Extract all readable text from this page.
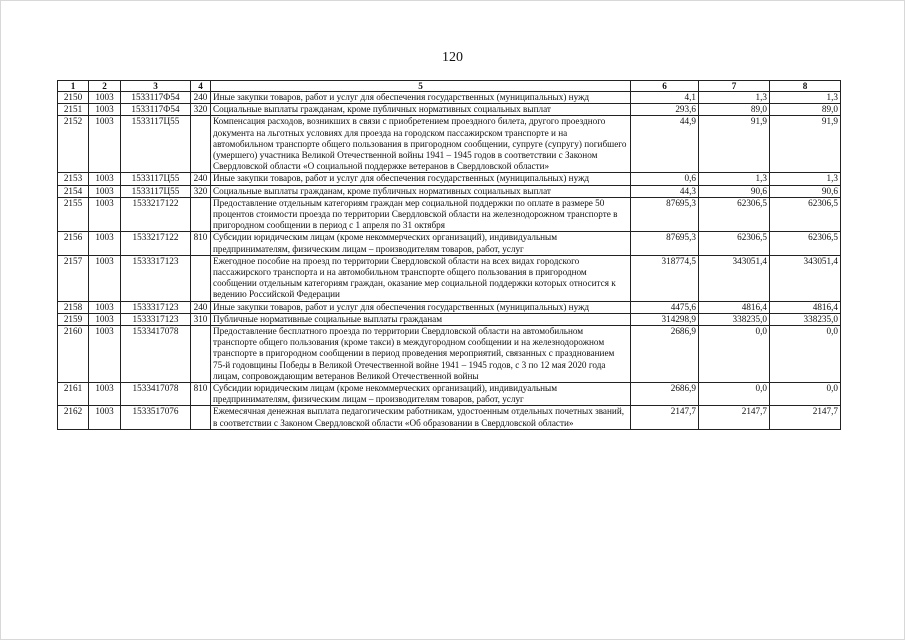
120
1	2	3	4	5	6	7	8
2150	1003	1533117Ф54	240	Иные закупки товаров, работ и услуг для обеспечения государственных (муниципальных) нужд	4,1	1,3	1,3
2151	1003	1533117Ф54	320	Социальные выплаты гражданам, кроме публичных нормативных социальных выплат	293,6	89,0	89,0
2152	1003	1533117Ц55		Компенсация расходов, возникших в связи с приобретением проездного билета, другого проездного документа на льготных условиях для проезда на городском пассажирском транспорте и на автомобильном транспорте общего пользования в пригородном сообщении, супруге (супругу) погибшего (умершего) участника Великой Отечественной войны 1941 – 1945 годов в соответствии с Законом Свердловской области «О социальной поддержке ветеранов в Свердловской области»	44,9	91,9	91,9
2153	1003	1533117Ц55	240	Иные закупки товаров, работ и услуг для обеспечения государственных (муниципальных) нужд	0,6	1,3	1,3
2154	1003	1533117Ц55	320	Социальные выплаты гражданам, кроме публичных нормативных социальных выплат	44,3	90,6	90,6
2155	1003	1533217122		Предоставление отдельным категориям граждан мер социальной поддержки по оплате в размере 50 процентов стоимости проезда по территории Свердловской области на железнодорожном транспорте в пригородном сообщении в период с 1 апреля по 31 октября	87695,3	62306,5	62306,5
2156	1003	1533217122	810	Субсидии юридическим лицам (кроме некоммерческих организаций), индивидуальным предпринимателям, физическим лицам – производителям товаров, работ, услуг	87695,3	62306,5	62306,5
2157	1003	1533317123		Ежегодное пособие на проезд по территории Свердловской области на всех видах городского пассажирского транспорта и на автомобильном транспорте общего пользования в пригородном сообщении отдельным категориям граждан, оказание мер социальной поддержки которых относится к ведению Российской Федерации	318774,5	343051,4	343051,4
2158	1003	1533317123	240	Иные закупки товаров, работ и услуг для обеспечения государственных (муниципальных) нужд	4475,6	4816,4	4816,4
2159	1003	1533317123	310	Публичные нормативные социальные выплаты гражданам	314298,9	338235,0	338235,0
2160	1003	1533417078		Предоставление бесплатного проезда по территории Свердловской области на автомобильном транспорте общего пользования (кроме такси) в междугородном сообщении и на железнодорожном транспорте в пригородном сообщении в период проведения мероприятий, связанных с празднованием 75-й годовщины Победы в Великой Отечественной войне 1941 – 1945 годов, с 3 по 12 мая 2020 года лицам, сопровождающим ветеранов Великой Отечественной войны	2686,9	0,0	0,0
2161	1003	1533417078	810	Субсидии юридическим лицам (кроме некоммерческих организаций), индивидуальным предпринимателям, физическим лицам – производителям товаров, работ, услуг	2686,9	0,0	0,0
2162	1003	1533517076		Ежемесячная денежная выплата педагогическим работникам, удостоенным отдельных почетных званий, в соответствии с Законом Свердловской области «Об образовании в Свердловской области»	2147,7	2147,7	2147,7
